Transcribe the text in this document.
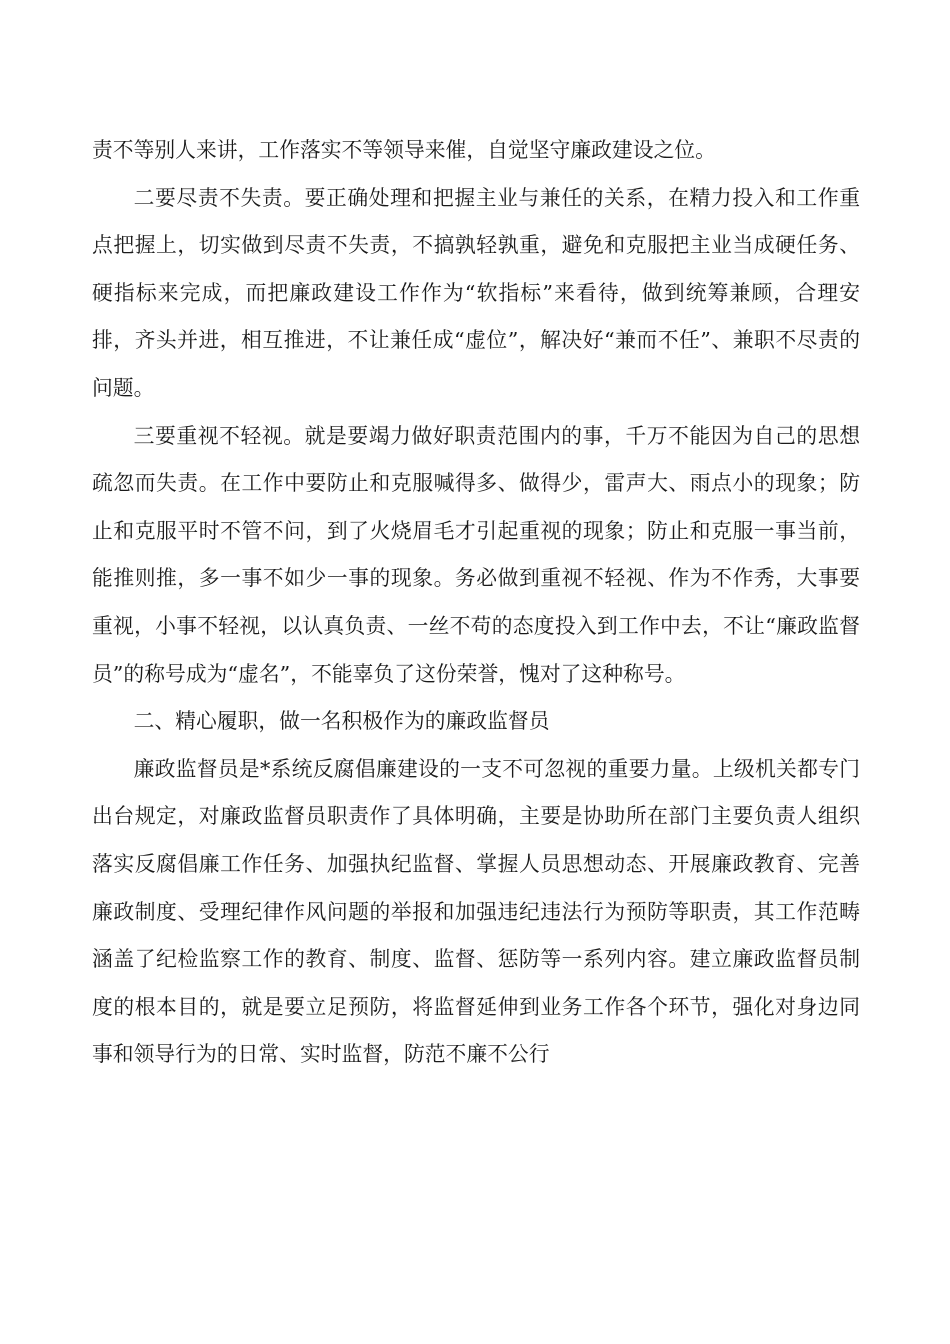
责不等别人来讲，工作落实不等领导来催，自觉坚守廉政建设之位。

二要尽责不失责。要正确处理和把握主业与兼任的关系，在精力投入和工作重点把握上，切实做到尽责不失责，不搞孰轻孰重，避免和克服把主业当成硬任务、硬指标来完成，而把廉政建设工作作为“软指标”来看待，做到统筹兼顾，合理安排，齐头并进，相互推进，不让兼任成“虚位”，解决好“兼而不任”、兼职不尽责的问题。

三要重视不轻视。就是要竭力做好职责范围内的事，千万不能因为自己的思想疏忽而失责。在工作中要防止和克服喊得多、做得少，雷声大、雨点小的现象；防止和克服平时不管不问，到了火烧眉毛才引起重视的现象；防止和克服一事当前，能推则推，多一事不如少一事的现象。务必做到重视不轻视、作为不作秀，大事要重视，小事不轻视，以认真负责、一丝不苟的态度投入到工作中去，不让“廉政监督员”的称号成为“虚名”，不能辜负了这份荣誉，愧对了这种称号。

二、精心履职，做一名积极作为的廉政监督员

廉政监督员是*系统反腐倡廉建设的一支不可忽视的重要力量。上级机关都专门出台规定，对廉政监督员职责作了具体明确，主要是协助所在部门主要负责人组织落实反腐倡廉工作任务、加强执纪监督、掌握人员思想动态、开展廉政教育、完善廉政制度、受理纪律作风问题的举报和加强违纪违法行为预防等职责，其工作范畴涵盖了纪检监察工作的教育、制度、监督、惩防等一系列内容。建立廉政监督员制度的根本目的，就是要立足预防，将监督延伸到业务工作各个环节，强化对身边同事和领导行为的日常、实时监督，防范不廉不公行
